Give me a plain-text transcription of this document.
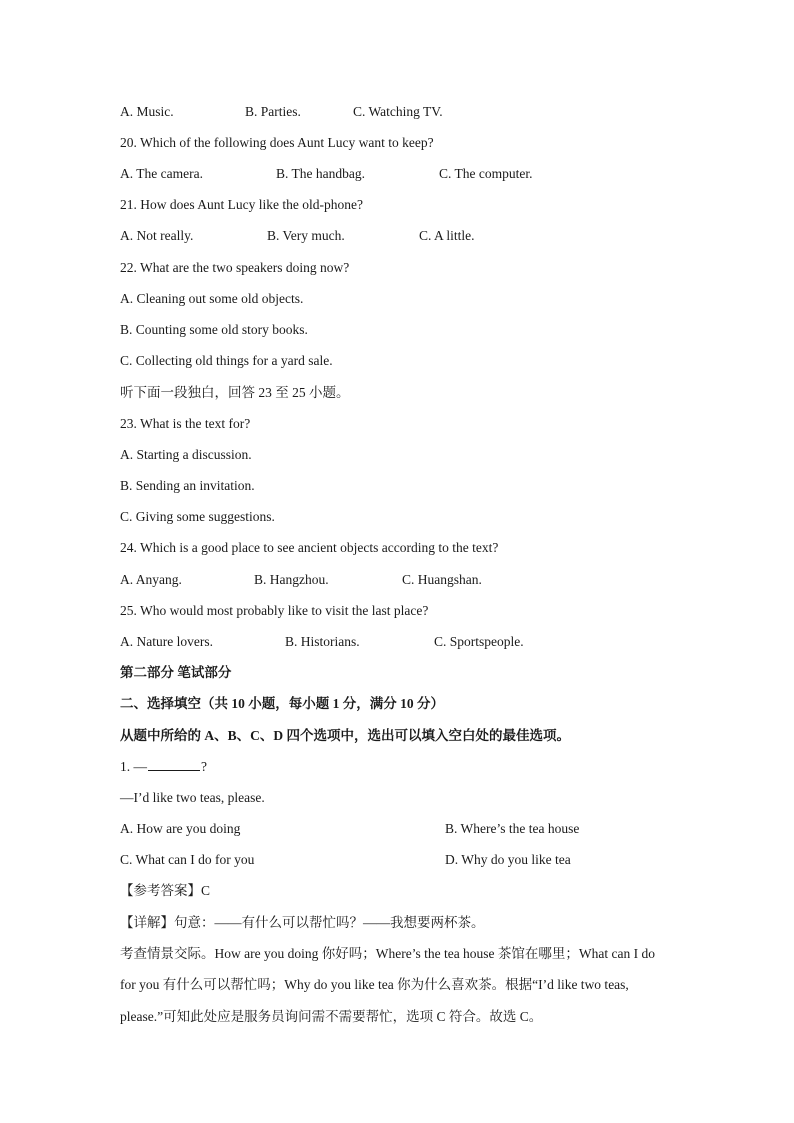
A. Music.	B. Parties.	C. Watching TV.
20. Which of the following does Aunt Lucy want to keep?
A. The camera.	B. The handbag.	C. The computer.
21. How does Aunt Lucy like the old-phone?
A. Not really.	B. Very much.	C. A little.
22. What are the two speakers doing now?
A. Cleaning out some old objects.
B. Counting some old story books.
C. Collecting old things for a yard sale.
听下面一段独白，回答 23 至 25 小题。
23. What is the text for?
A. Starting a discussion.
B. Sending an invitation.
C. Giving some suggestions.
24. Which is a good place to see ancient objects according to the text?
A. Anyang.	B. Hangzhou.	C. Huangshan.
25. Who would most probably like to visit the last place?
A. Nature lovers.	B. Historians.	C. Sportspeople.
第二部分 笔试部分
二、选择填空（共 10 小题，每小题 1 分，满分 10 分）
从题中所给的 A、B、C、D 四个选项中，选出可以填入空白处的最佳选项。
1. —	?
—I’d like two teas, please.
A. How are you doing	B. Where’s the tea house
C. What can I do for you	D. Why do you like tea
【参考答案】C
【详解】句意：——有什么可以帮忙吗？——我想要两杯茶。
考查情景交际。How are you doing 你好吗；Where’s the tea house 茶馆在哪里；What can I do
for you 有什么可以帮忙吗；Why do you like tea 你为什么喜欢茶。根据“I’d like two teas,
please.”可知此处应是服务员询问需不需要帮忙，选项 C 符合。故选 C。
